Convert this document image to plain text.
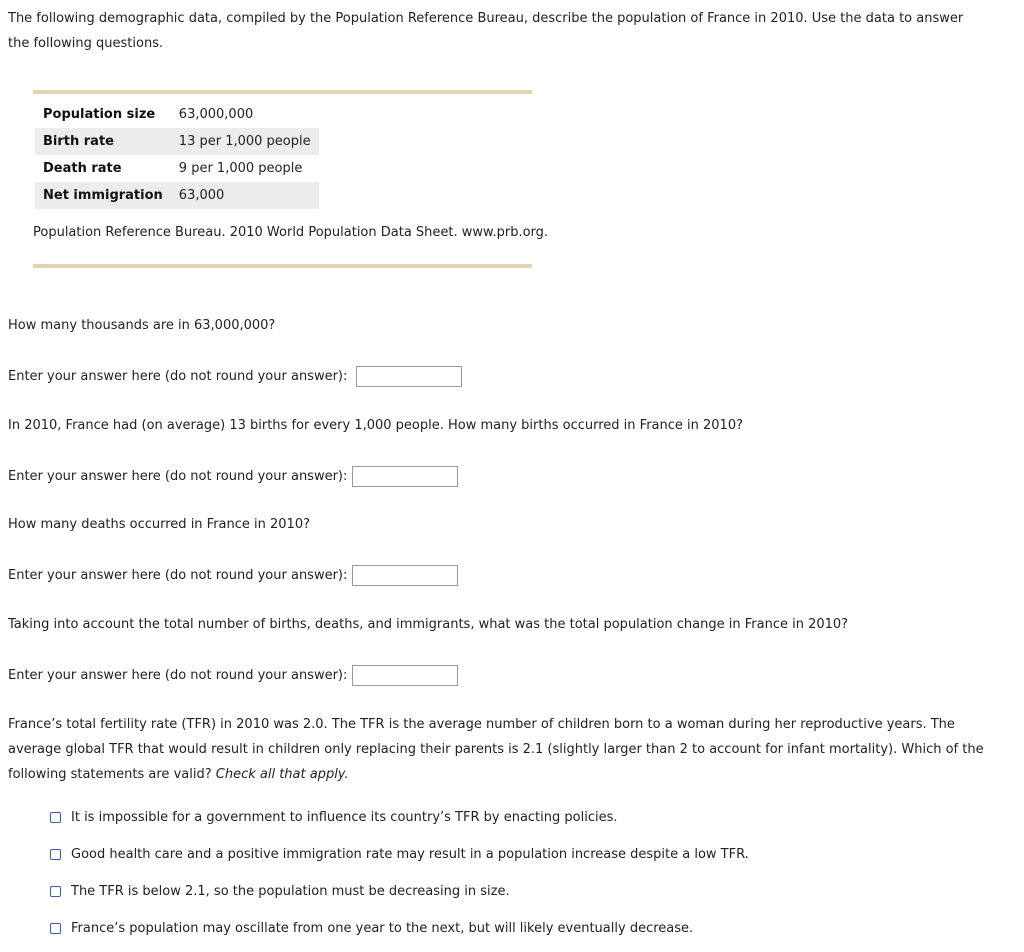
The following demographic data, compiled by the Population Reference Bureau, describe the population of France in 2010. Use the data to answer the following questions.

Population size	63,000,000
Birth rate	13 per 1,000 people
Death rate	9 per 1,000 people
Net immigration	63,000

Population Reference Bureau. 2010 World Population Data Sheet. www.prb.org.

How many thousands are in 63,000,000?

Enter your answer here (do not round your answer):

In 2010, France had (on average) 13 births for every 1,000 people. How many births occurred in France in 2010?

Enter your answer here (do not round your answer):

How many deaths occurred in France in 2010?

Enter your answer here (do not round your answer):

Taking into account the total number of births, deaths, and immigrants, what was the total population change in France in 2010?

Enter your answer here (do not round your answer):

France’s total fertility rate (TFR) in 2010 was 2.0. The TFR is the average number of children born to a woman during her reproductive years. The average global TFR that would result in children only replacing their parents is 2.1 (slightly larger than 2 to account for infant mortality). Which of the following statements are valid? Check all that apply.

It is impossible for a government to influence its country’s TFR by enacting policies.
Good health care and a positive immigration rate may result in a population increase despite a low TFR.
The TFR is below 2.1, so the population must be decreasing in size.
France’s population may oscillate from one year to the next, but will likely eventually decrease.
